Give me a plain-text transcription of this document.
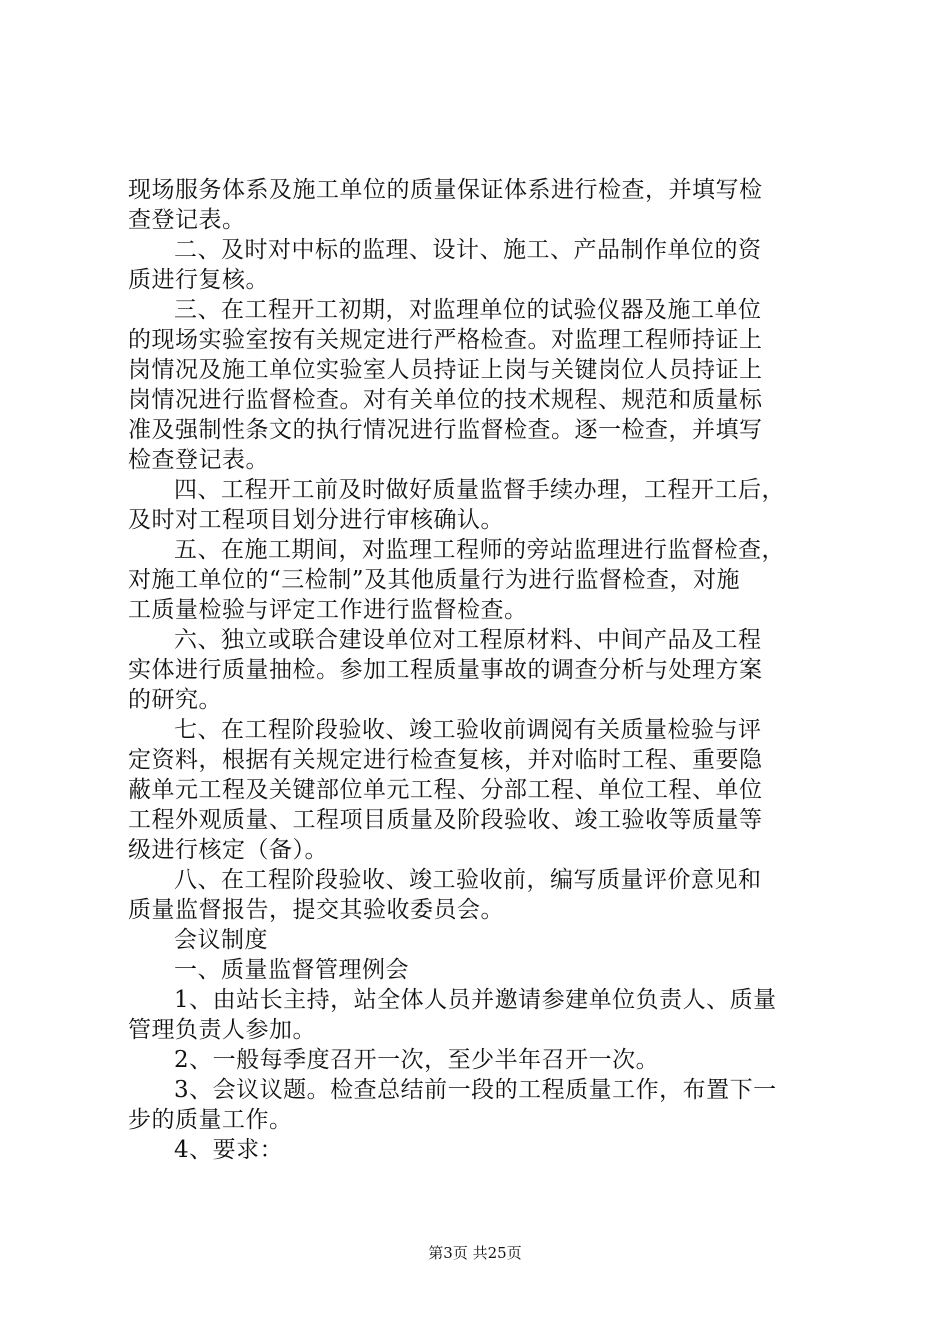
现场服务体系及施工单位的质量保证体系进行检查，并填写检
查登记表。
二、及时对中标的监理、设计、施工、产品制作单位的资
质进行复核。
三、在工程开工初期，对监理单位的试验仪器及施工单位
的现场实验室按有关规定进行严格检查。对监理工程师持证上
岗情况及施工单位实验室人员持证上岗与关键岗位人员持证上
岗情况进行监督检查。对有关单位的技术规程、规范和质量标
准及强制性条文的执行情况进行监督检查。逐一检查，并填写
检查登记表。
四、工程开工前及时做好质量监督手续办理，工程开工后，
及时对工程项目划分进行审核确认。
五、在施工期间，对监理工程师的旁站监理进行监督检查，
对施工单位的“三检制”及其他质量行为进行监督检查，对施
工质量检验与评定工作进行监督检查。
六、独立或联合建设单位对工程原材料、中间产品及工程
实体进行质量抽检。参加工程质量事故的调查分析与处理方案
的研究。
七、在工程阶段验收、竣工验收前调阅有关质量检验与评
定资料，根据有关规定进行检查复核，并对临时工程、重要隐
蔽单元工程及关键部位单元工程、分部工程、单位工程、单位
工程外观质量、工程项目质量及阶段验收、竣工验收等质量等
级进行核定（备）。
八、在工程阶段验收、竣工验收前，编写质量评价意见和
质量监督报告，提交其验收委员会。
会议制度
一、质量监督管理例会
1、由站长主持，站全体人员并邀请参建单位负责人、质量
管理负责人参加。
2、一般每季度召开一次，至少半年召开一次。
3、会议议题。检查总结前一段的工程质量工作，布置下一
步的质量工作。
4、要求：
第3页 共25页
